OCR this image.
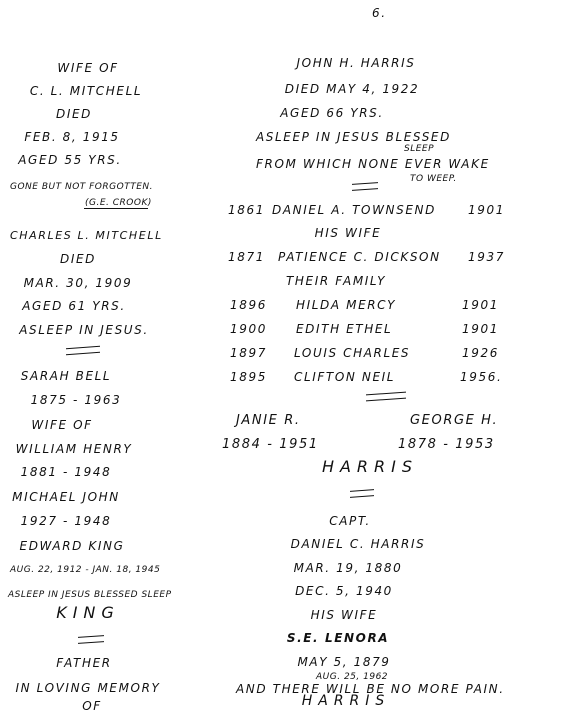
6.
WIFE OF
C. L. MITCHELL
DIED
FEB. 8, 1915
AGED 55 YRS.
GONE BUT NOT FORGOTTEN.
(G.E. CROOK)
CHARLES L. MITCHELL
DIED
MAR. 30, 1909
AGED 61 YRS.
ASLEEP IN JESUS.
SARAH BELL
1875 - 1963
WIFE OF
WILLIAM HENRY
1881 - 1948
MICHAEL JOHN
1927 - 1948
EDWARD KING
AUG. 22, 1912 - JAN. 18, 1945
ASLEEP IN JESUS BLESSED SLEEP
KING
FATHER
IN LOVING MEMORY
OF
JOHN H. HARRIS
DIED MAY 4, 1922
AGED 66 YRS.
ASLEEP IN JESUS BLESSED
SLEEP
FROM WHICH NONE EVER WAKE
TO WEEP.
1861 DANIEL A. TOWNSEND	1901
HIS WIFE
1871 PATIENCE C. DICKSON 1937
THEIR FAMILY
1896 HILDA MERCY	1901
1900 EDITH ETHEL	1901
1897 LOUIS CHARLES	1926
1895 CLIFTON NEIL	1956.
JANIE R.
1884 - 1951
GEORGE H.
1878 - 1953
HARRIS
CAPT.
DANIEL C. HARRIS
MAR. 19, 1880
DEC. 5, 1940
HIS WIFE
S.E. LENORA
MAY 5, 1879
AUG. 25, 1962
AND THERE WILL BE NO MORE PAIN.
HARRIS
